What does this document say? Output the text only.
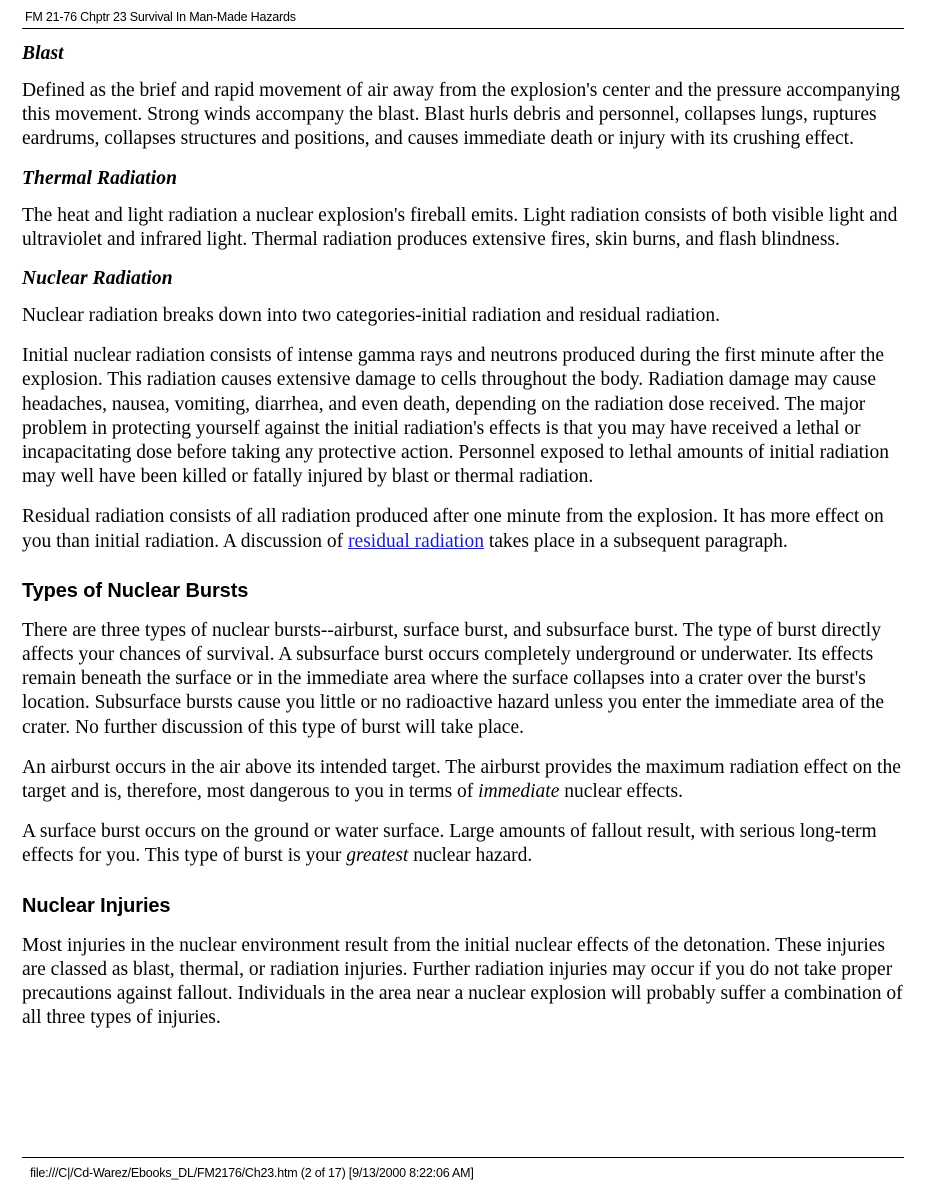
FM 21-76 Chptr 23 Survival In Man-Made Hazards
Blast

Defined as the brief and rapid movement of air away from the explosion's center and the pressure accompanying this movement. Strong winds accompany the blast. Blast hurls debris and personnel, collapses lungs, ruptures eardrums, collapses structures and positions, and causes immediate death or injury with its crushing effect.

Thermal Radiation

The heat and light radiation a nuclear explosion's fireball emits. Light radiation consists of both visible light and ultraviolet and infrared light. Thermal radiation produces extensive fires, skin burns, and flash blindness.

Nuclear Radiation

Nuclear radiation breaks down into two categories-initial radiation and residual radiation.

Initial nuclear radiation consists of intense gamma rays and neutrons produced during the first minute after the explosion. This radiation causes extensive damage to cells throughout the body. Radiation damage may cause headaches, nausea, vomiting, diarrhea, and even death, depending on the radiation dose received. The major problem in protecting yourself against the initial radiation's effects is that you may have received a lethal or incapacitating dose before taking any protective action. Personnel exposed to lethal amounts of initial radiation may well have been killed or fatally injured by blast or thermal radiation.

Residual radiation consists of all radiation produced after one minute from the explosion. It has more effect on you than initial radiation. A discussion of residual radiation takes place in a subsequent paragraph.

Types of Nuclear Bursts

There are three types of nuclear bursts--airburst, surface burst, and subsurface burst. The type of burst directly affects your chances of survival. A subsurface burst occurs completely underground or underwater. Its effects remain beneath the surface or in the immediate area where the surface collapses into a crater over the burst's location. Subsurface bursts cause you little or no radioactive hazard unless you enter the immediate area of the crater. No further discussion of this type of burst will take place.

An airburst occurs in the air above its intended target. The airburst provides the maximum radiation effect on the target and is, therefore, most dangerous to you in terms of immediate nuclear effects.

A surface burst occurs on the ground or water surface. Large amounts of fallout result, with serious long-term effects for you. This type of burst is your greatest nuclear hazard.

Nuclear Injuries

Most injuries in the nuclear environment result from the initial nuclear effects of the detonation. These injuries are classed as blast, thermal, or radiation injuries. Further radiation injuries may occur if you do not take proper precautions against fallout. Individuals in the area near a nuclear explosion will probably suffer a combination of all three types of injuries.

file:///C|/Cd-Warez/Ebooks_DL/FM2176/Ch23.htm (2 of 17) [9/13/2000 8:22:06 AM]
